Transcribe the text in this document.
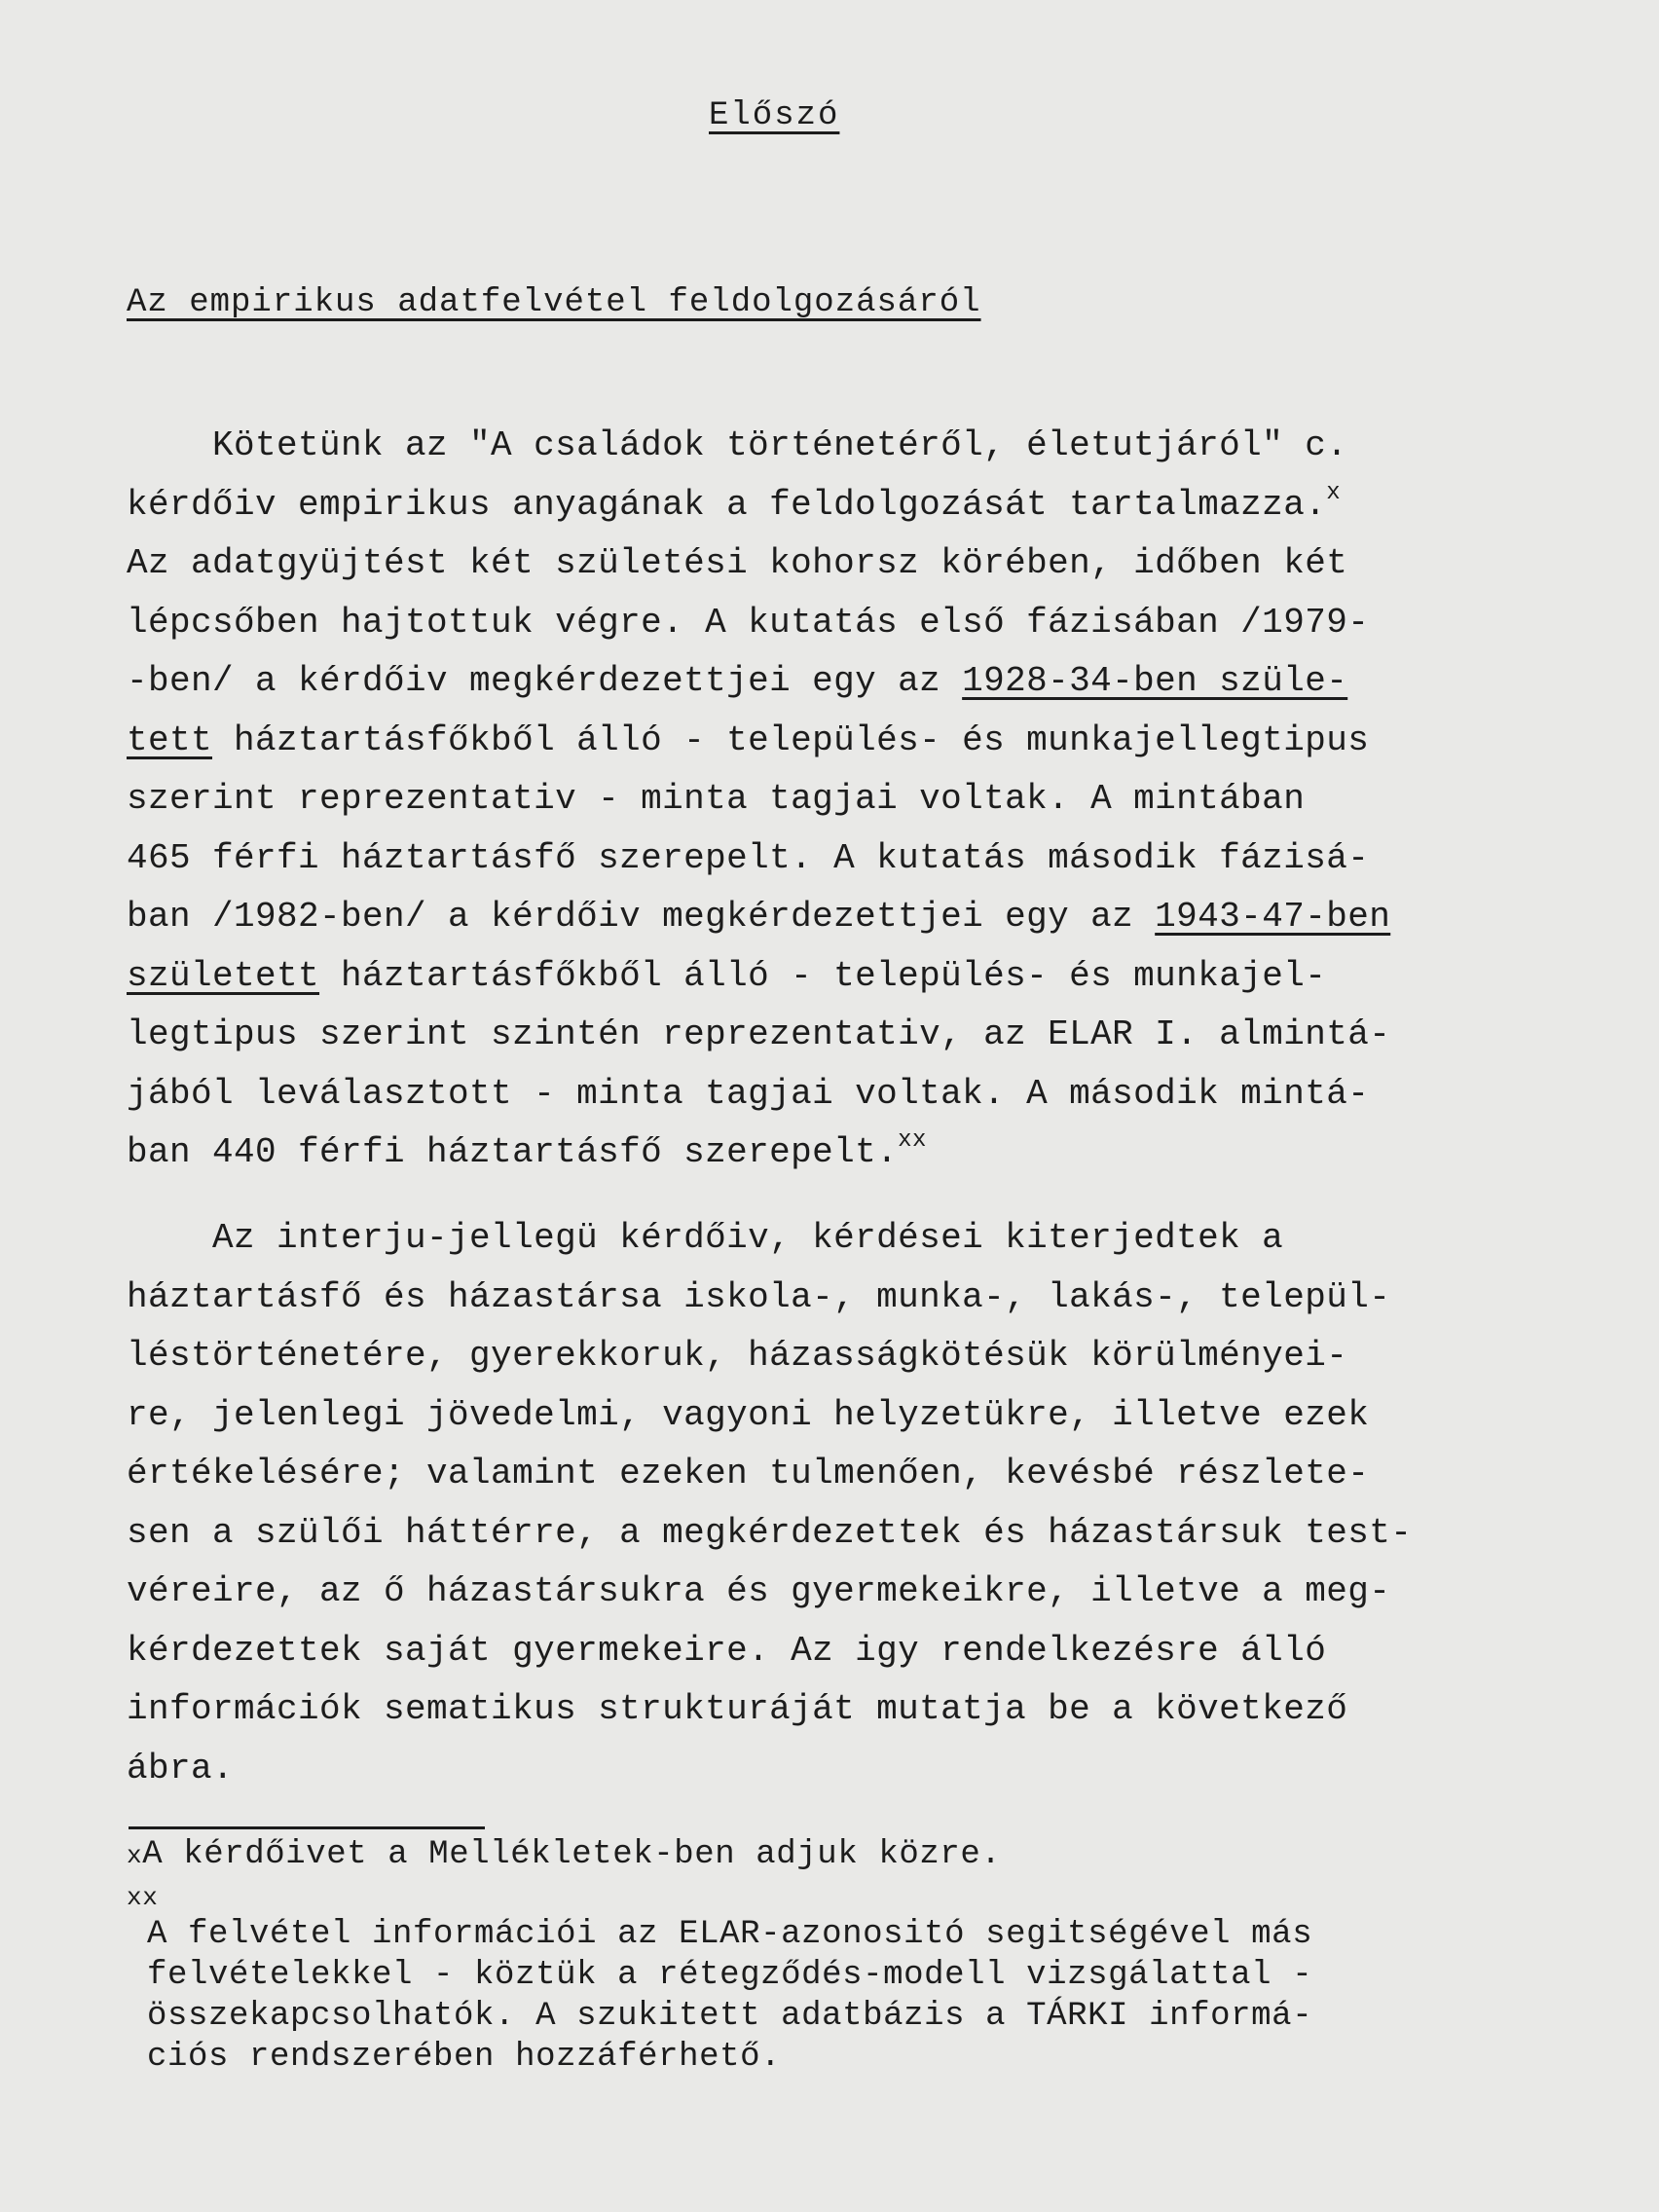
Előszó
Az empirikus adatfelvétel feldolgozásáról
Kötetünk az "A családok történetéről, életutjáról" c.
kérdőiv empirikus anyagának a feldolgozását tartalmazza.$^x$
Az adatgyüjtést két születési kohorsz körében, időben két
lépcsőben hajtottuk végre. A kutatás első fázisában /1979-
-ben/ a kérdőiv megkérdezettjei egy az 1928-34-ben szüle-
tett háztartásfőkből álló - település- és munkajellegtipus
szerint reprezentativ - minta tagjai voltak. A mintában
465 férfi háztartásfő szerepelt. A kutatás második fázisá-
ban /1982-ben/ a kérdőiv megkérdezettjei egy az 1943-47-ben
született háztartásfőkből álló - település- és munkajel-
legtipus szerint szintén reprezentativ, az ELAR I. almintá-
jából leválasztott - minta tagjai voltak. A második mintá-
ban 440 férfi háztartásfő szerepelt.$^{xx}$
Az interju-jellegü kérdőiv, kérdései kiterjedtek a
háztartásfő és házastársa iskola-, munka-, lakás-, települ-
léstörténetére, gyerekkoruk, házasságkötésük körülményei-
re, jelenlegi jövedelmi, vagyoni helyzetükre, illetve ezek
értékelésére; valamint ezeken tulmenően, kevésbé részlete-
sen a szülői háttérre, a megkérdezettek és házastársuk test-
véreire, az ő házastársukra és gyermekeikre, illetve a meg-
kérdezettek saját gyermekeire. Az igy rendelkezésre álló
információk sematikus strukturáját mutatja be a következő
ábra.
xA kérdőivet a Mellékletek-ben adjuk közre.
xx
A felvétel információi az ELAR-azonositó segitségével más
felvételekkel - köztük a rétegződés-modell vizsgálattal -
összekapcsolhatók. A szukitett adatbázis a TÁRKI informá-
ciós rendszerében hozzáférhető.
